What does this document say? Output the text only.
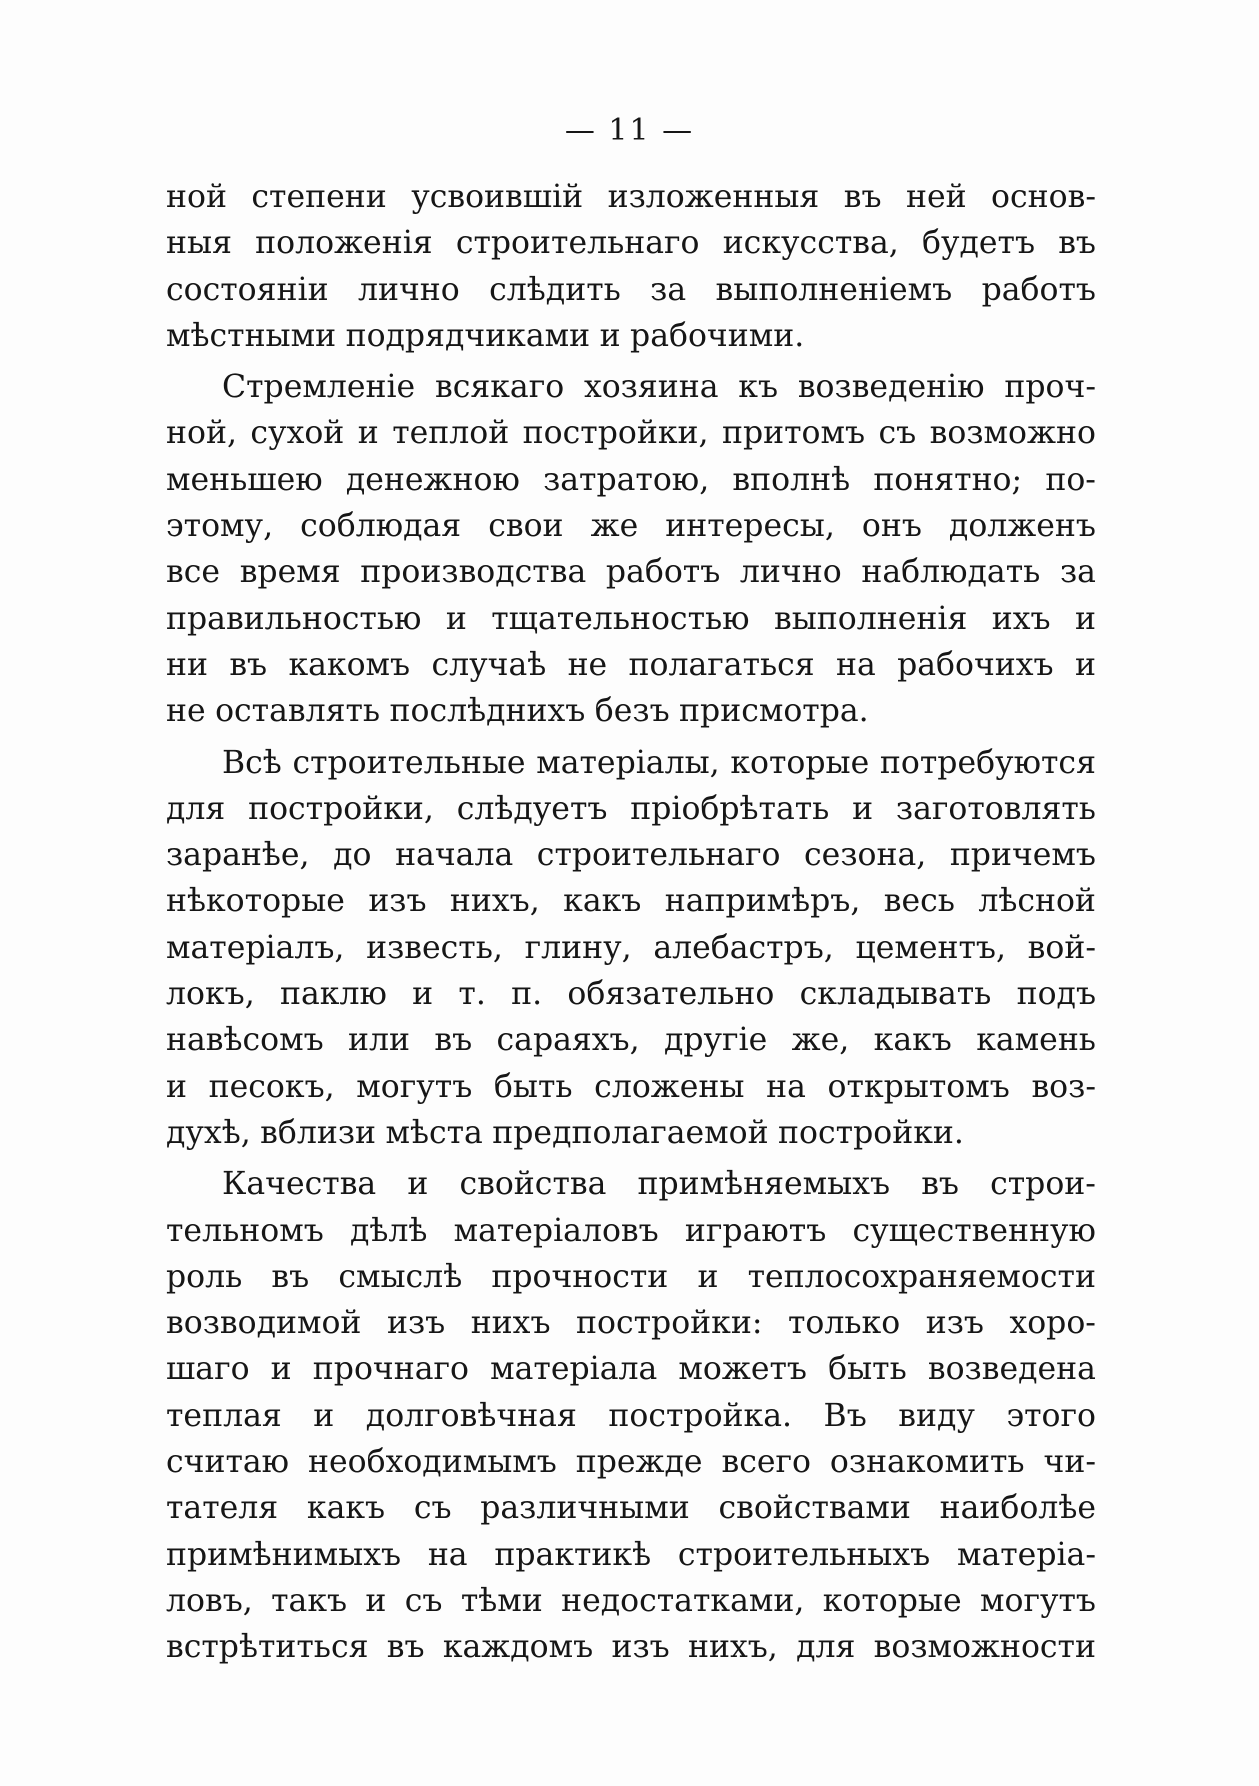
— 11 —
ной степени усвоившій изложенныя въ ней основ-
ныя положенія строительнаго искусства, будетъ въ
состояніи лично слѣдить за выполненіемъ работъ
мѣстными подрядчиками и рабочими.
Стремленіе всякаго хозяина къ возведенію проч-
ной, сухой и теплой постройки, притомъ съ возможно
меньшею денежною затратою, вполнѣ понятно; по-
этому, соблюдая свои же интересы, онъ долженъ
все время производства работъ лично наблюдать за
правильностью и тщательностью выполненія ихъ и
ни въ какомъ случаѣ не полагаться на рабочихъ и
не оставлять послѣднихъ безъ присмотра.
Всѣ строительные матеріалы, которые потребуются
для постройки, слѣдуетъ пріобрѣтать и заготовлять
заранѣе, до начала строительнаго сезона, причемъ
нѣкоторые изъ нихъ, какъ напримѣръ, весь лѣсной
матеріалъ, известь, глину, алебастръ, цементъ, вой-
локъ, паклю и т. п. обязательно складывать подъ
навѣсомъ или въ сараяхъ, другіе же, какъ камень
и песокъ, могутъ быть сложены на открытомъ воз-
духѣ, вблизи мѣста предполагаемой постройки.
Качества и свойства примѣняемыхъ въ строи-
тельномъ дѣлѣ матеріаловъ играютъ существенную
роль въ смыслѣ прочности и теплосохраняемости
возводимой изъ нихъ постройки: только изъ хоро-
шаго и прочнаго матеріала можетъ быть возведена
теплая и долговѣчная постройка. Въ виду этого
считаю необходимымъ прежде всего ознакомить чи-
тателя какъ съ различными свойствами наиболѣе
примѣнимыхъ на практикѣ строительныхъ матеріа-
ловъ, такъ и съ тѣми недостатками, которые могутъ
встрѣтиться въ каждомъ изъ нихъ, для возможности
